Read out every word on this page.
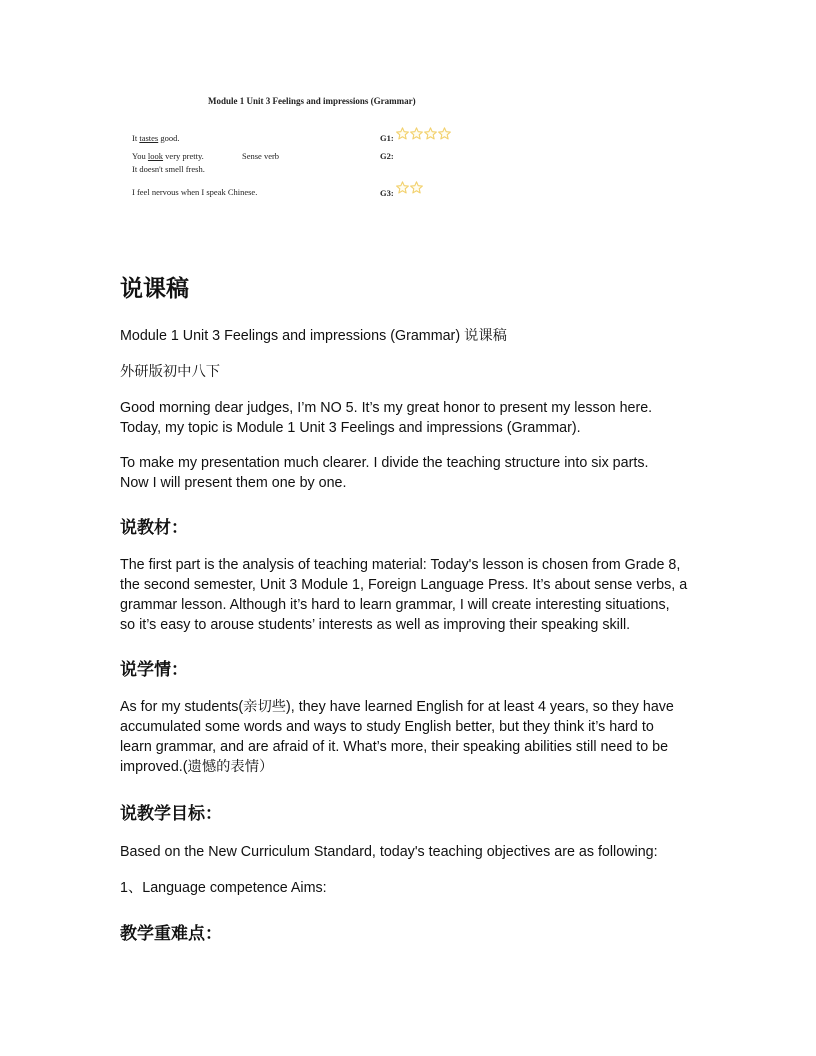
Module 1 Unit 3 Feelings and impressions (Grammar)
It tastes good.
You look very pretty.	Sense verb
It doesn't smell fresh.
I feel nervous when I speak Chinese.
G1:
G2:
G3:
说课稿
Module 1 Unit 3 Feelings and impressions (Grammar) 说课稿
外研版初中八下
Good morning dear judges, I’m NO 5. It’s my great honor to present my lesson here.
Today, my topic is Module 1 Unit 3 Feelings and impressions (Grammar).
To make my presentation much clearer. I divide the teaching structure into six parts.
Now I will present them one by one.
说教材：
The first part is the analysis of teaching material: Today's lesson is chosen from Grade 8,
the second semester, Unit 3 Module 1, Foreign Language Press. It’s about sense verbs, a
grammar lesson. Although it’s hard to learn grammar, I will create interesting situations,
so it’s easy to arouse students’ interests as well as improving their speaking skill.
说学情：
As for my students(亲切些), they have learned English for at least 4 years, so they have
accumulated some words and ways to study English better, but they think it’s hard to
learn grammar, and are afraid of it. What’s more, their speaking abilities still need to be
improved.(遗憾的表情）
说教学目标：
Based on the New Curriculum Standard, today's teaching objectives are as following:
1、Language competence Aims:
教学重难点：
